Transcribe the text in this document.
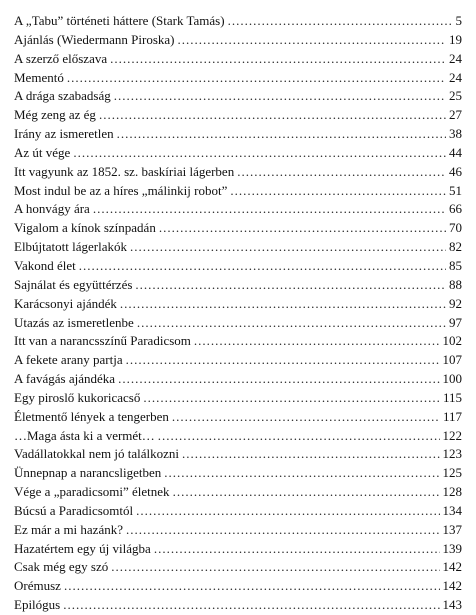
A „Tabu” történeti háttere (Stark Tamás) .....	5
Ajánlás (Wiedermann Piroska) .....	19
A szerző előszava .....	24
Mementó .....	24
A drága szabadság .....	25
Még zeng az ég .....	27
Irány az ismeretlen .....	38
Az út vége .....	44
Itt vagyunk az 1852. sz. baskíriai lágerben .....	46
Most indul be az a híres „málinkij robot” .....	51
A honvágy ára .....	66
Vigalom a kínok színpadán .....	70
Elbújtatott lágerlakók .....	82
Vakond élet .....	85
Sajnálat és együttérzés .....	88
Karácsonyi ajándék .....	92
Utazás az ismeretlenbe .....	97
Itt van a narancsszínű Paradicsom .....	102
A fekete arany partja .....	107
A favágás ajándéka .....	100
Egy piroslő kukoricacső .....	115
Életmentő lények a tengerben .....	117
…Maga ásta ki a vermét… .....	122
Vadállatokkal nem jó találkozni .....	123
Ünnepnap a narancsligetben .....	125
Vége a „paradicsomi” életnek .....	128
Búcsú a Paradicsomtól .....	134
Ez már a mi hazánk? .....	137
Hazatértem egy új világba .....	139
Csak még egy szó .....	142
Orémusz .....	142
Epilógus .....	143
